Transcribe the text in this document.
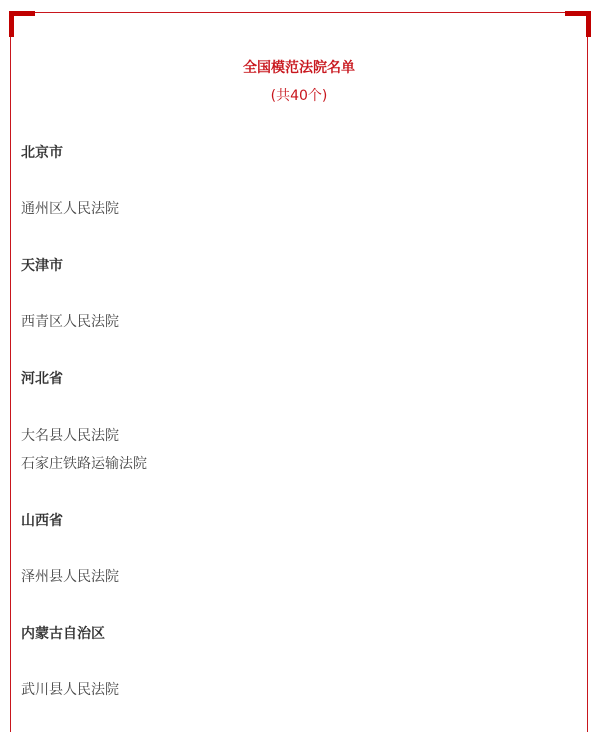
全国模范法院名单
(共40个)
北京市
通州区人民法院
天津市
西青区人民法院
河北省
大名县人民法院
石家庄铁路运输法院
山西省
泽州县人民法院
内蒙古自治区
武川县人民法院
